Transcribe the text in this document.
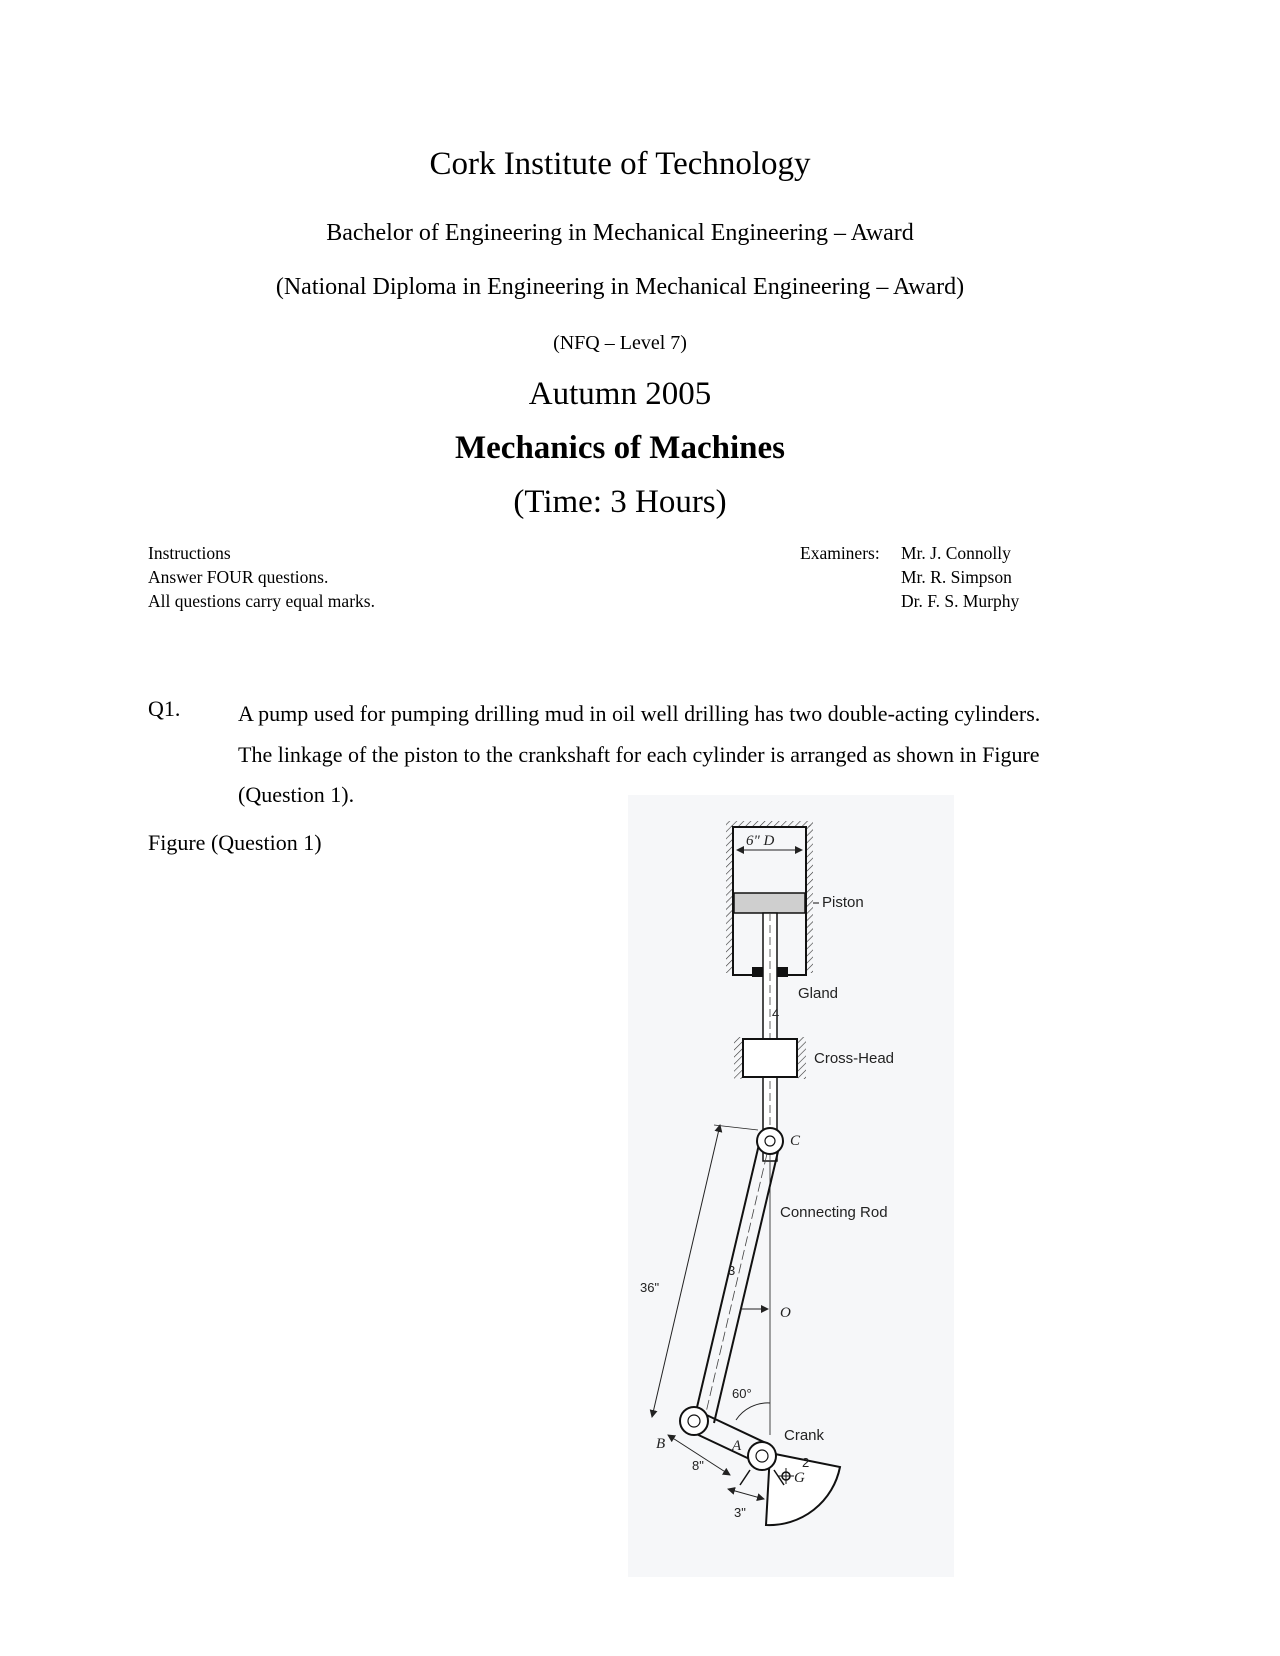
Cork Institute of Technology
Bachelor of Engineering in Mechanical Engineering – Award
(National Diploma in Engineering in Mechanical Engineering – Award)
(NFQ – Level 7)
Autumn 2005
Mechanics of Machines
(Time: 3 Hours)
Instructions
Answer FOUR questions.
All questions carry equal marks.
Examiners: Mr. J. Connolly
Mr. R. Simpson
Dr. F. S. Murphy
Q1.	A pump used for pumping drilling mud in oil well drilling has two double-acting cylinders. The linkage of the piston to the crankshaft for each cylinder is arranged as shown in Figure (Question 1).
Figure (Question 1)	6" D
Piston
Gland
4
Cross-Head
C
Connecting Rod
36"
3
O
60°
Crank
B	A
2
G
8"
3"
